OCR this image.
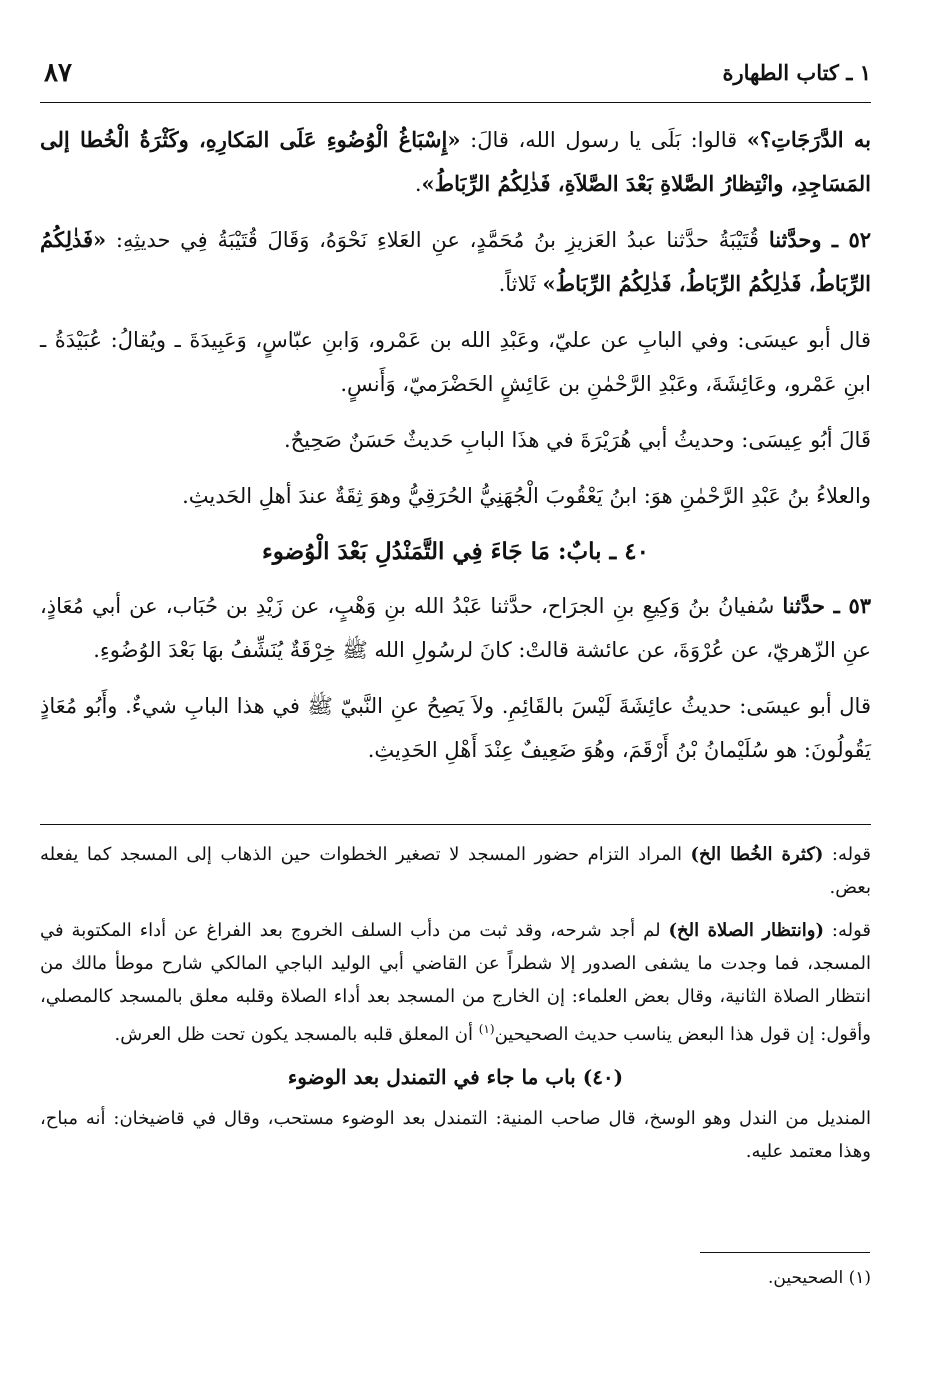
٨٧	١ ـ كتاب الطهارة

به الدَّرَجَاتِ؟» قالوا: بَلَى يا رسول الله، قالَ: «إِسْبَاغُ الْوُضُوءِ عَلَى المَكارِهِ، وكَثْرَةُ الْخُطا إلى المَسَاجِدِ، وانْتِظارُ الصَّلاةِ بَعْدَ الصَّلاَةِ، فَذٰلِكُمُ الرِّبَاطُ».

٥٢ ـ وحدَّثنا قُتَيْبَةُ حدَّثنا عبدُ العَزيزِ بنُ مُحَمَّدٍ، عنِ العَلاءِ نَحْوَهُ، وَقَالَ قُتَيْبَةُ فِي حديثِهِ: «فَذٰلِكُمُ الرِّبَاطُ، فَذٰلِكُمُ الرِّبَاطُ، فَذٰلِكُمُ الرِّبَاطُ» ثَلاثاً.

قال أبو عيسَى: وفي البابِ عن عليّ، وعَبْدِ الله بن عَمْرو، وَابنِ عبّاسٍ، وَعَبِيدَةَ ـ ويُقالُ: عُبَيْدَةُ ـ ابنِ عَمْرو، وعَائِشَةَ، وعَبْدِ الرَّحْمٰنِ بن عَائِشٍ الحَضْرَميّ، وَأَنسٍ.

قَالَ أبُو عِيسَى: وحديثُ أبي هُرَيْرَةَ في هذَا البابِ حَديثٌ حَسَنٌ صَحِيحٌ.

والعلاءُ بنُ عَبْدِ الرَّحْمٰنِ هوَ: ابنُ يَعْقُوبَ الْجُهَنِيُّ الحُرَقِيُّ وهوَ ثِقَةٌ عندَ أهلِ الحَديثِ.

٤٠ ـ بابٌ: مَا جَاءَ فِي التَّمَنْدُلِ بَعْدَ الْوُضوء

٥٣ ـ حدَّثنا سُفيانُ بنُ وَكِيعِ بنِ الجرَاح، حدَّثنا عَبْدُ الله بنِ وَهْبٍ، عن زَيْدِ بن حُبَاب، عن أبي مُعَاذٍ، عنِ الزّهريّ، عن عُرْوَةَ، عن عائشة قالتْ: كانَ لرسُولِ الله ﷺ خِرْقَةٌ يُنَشِّفُ بهَا بَعْدَ الوُضُوءِ.

قال أبو عيسَى: حديثُ عائِشَةَ لَيْسَ بالقَائِمِ. ولاَ يَصِحُ عنِ النَّبيّ ﷺ في هذا البابِ شيءٌ. وأَبُو مُعَاذٍ يَقُولُونَ: هو سُلَيْمانُ بْنُ أَرْقَمَ، وهُوَ ضَعِيفٌ عِنْدَ أَهْلِ الحَدِيثِ.

قوله: (كثرة الخُطا الخ) المراد التزام حضور المسجد لا تصغير الخطوات حين الذهاب إلى المسجد كما يفعله بعض.

قوله: (وانتظار الصلاة الخ) لم أجد شرحه، وقد ثبت من دأب السلف الخروج بعد الفراغ عن أداء المكتوبة في المسجد، فما وجدت ما يشفى الصدور إلا شطراً عن القاضي أبي الوليد الباجي المالكي شارح موطأ مالك من انتظار الصلاة الثانية، وقال بعض العلماء: إن الخارج من المسجد بعد أداء الصلاة وقلبه معلق بالمسجد كالمصلي، وأقول: إن قول هذا البعض يناسب حديث الصحيحين$^{(١)}$ أن المعلق قلبه بالمسجد يكون تحت ظل العرش.

(٤٠) باب ما جاء في التمندل بعد الوضوء

المنديل من الندل وهو الوسخ، قال صاحب المنية: التمندل بعد الوضوء مستحب، وقال في قاضيخان: أنه مباح، وهذا معتمد عليه.

(١) الصحيحين.
